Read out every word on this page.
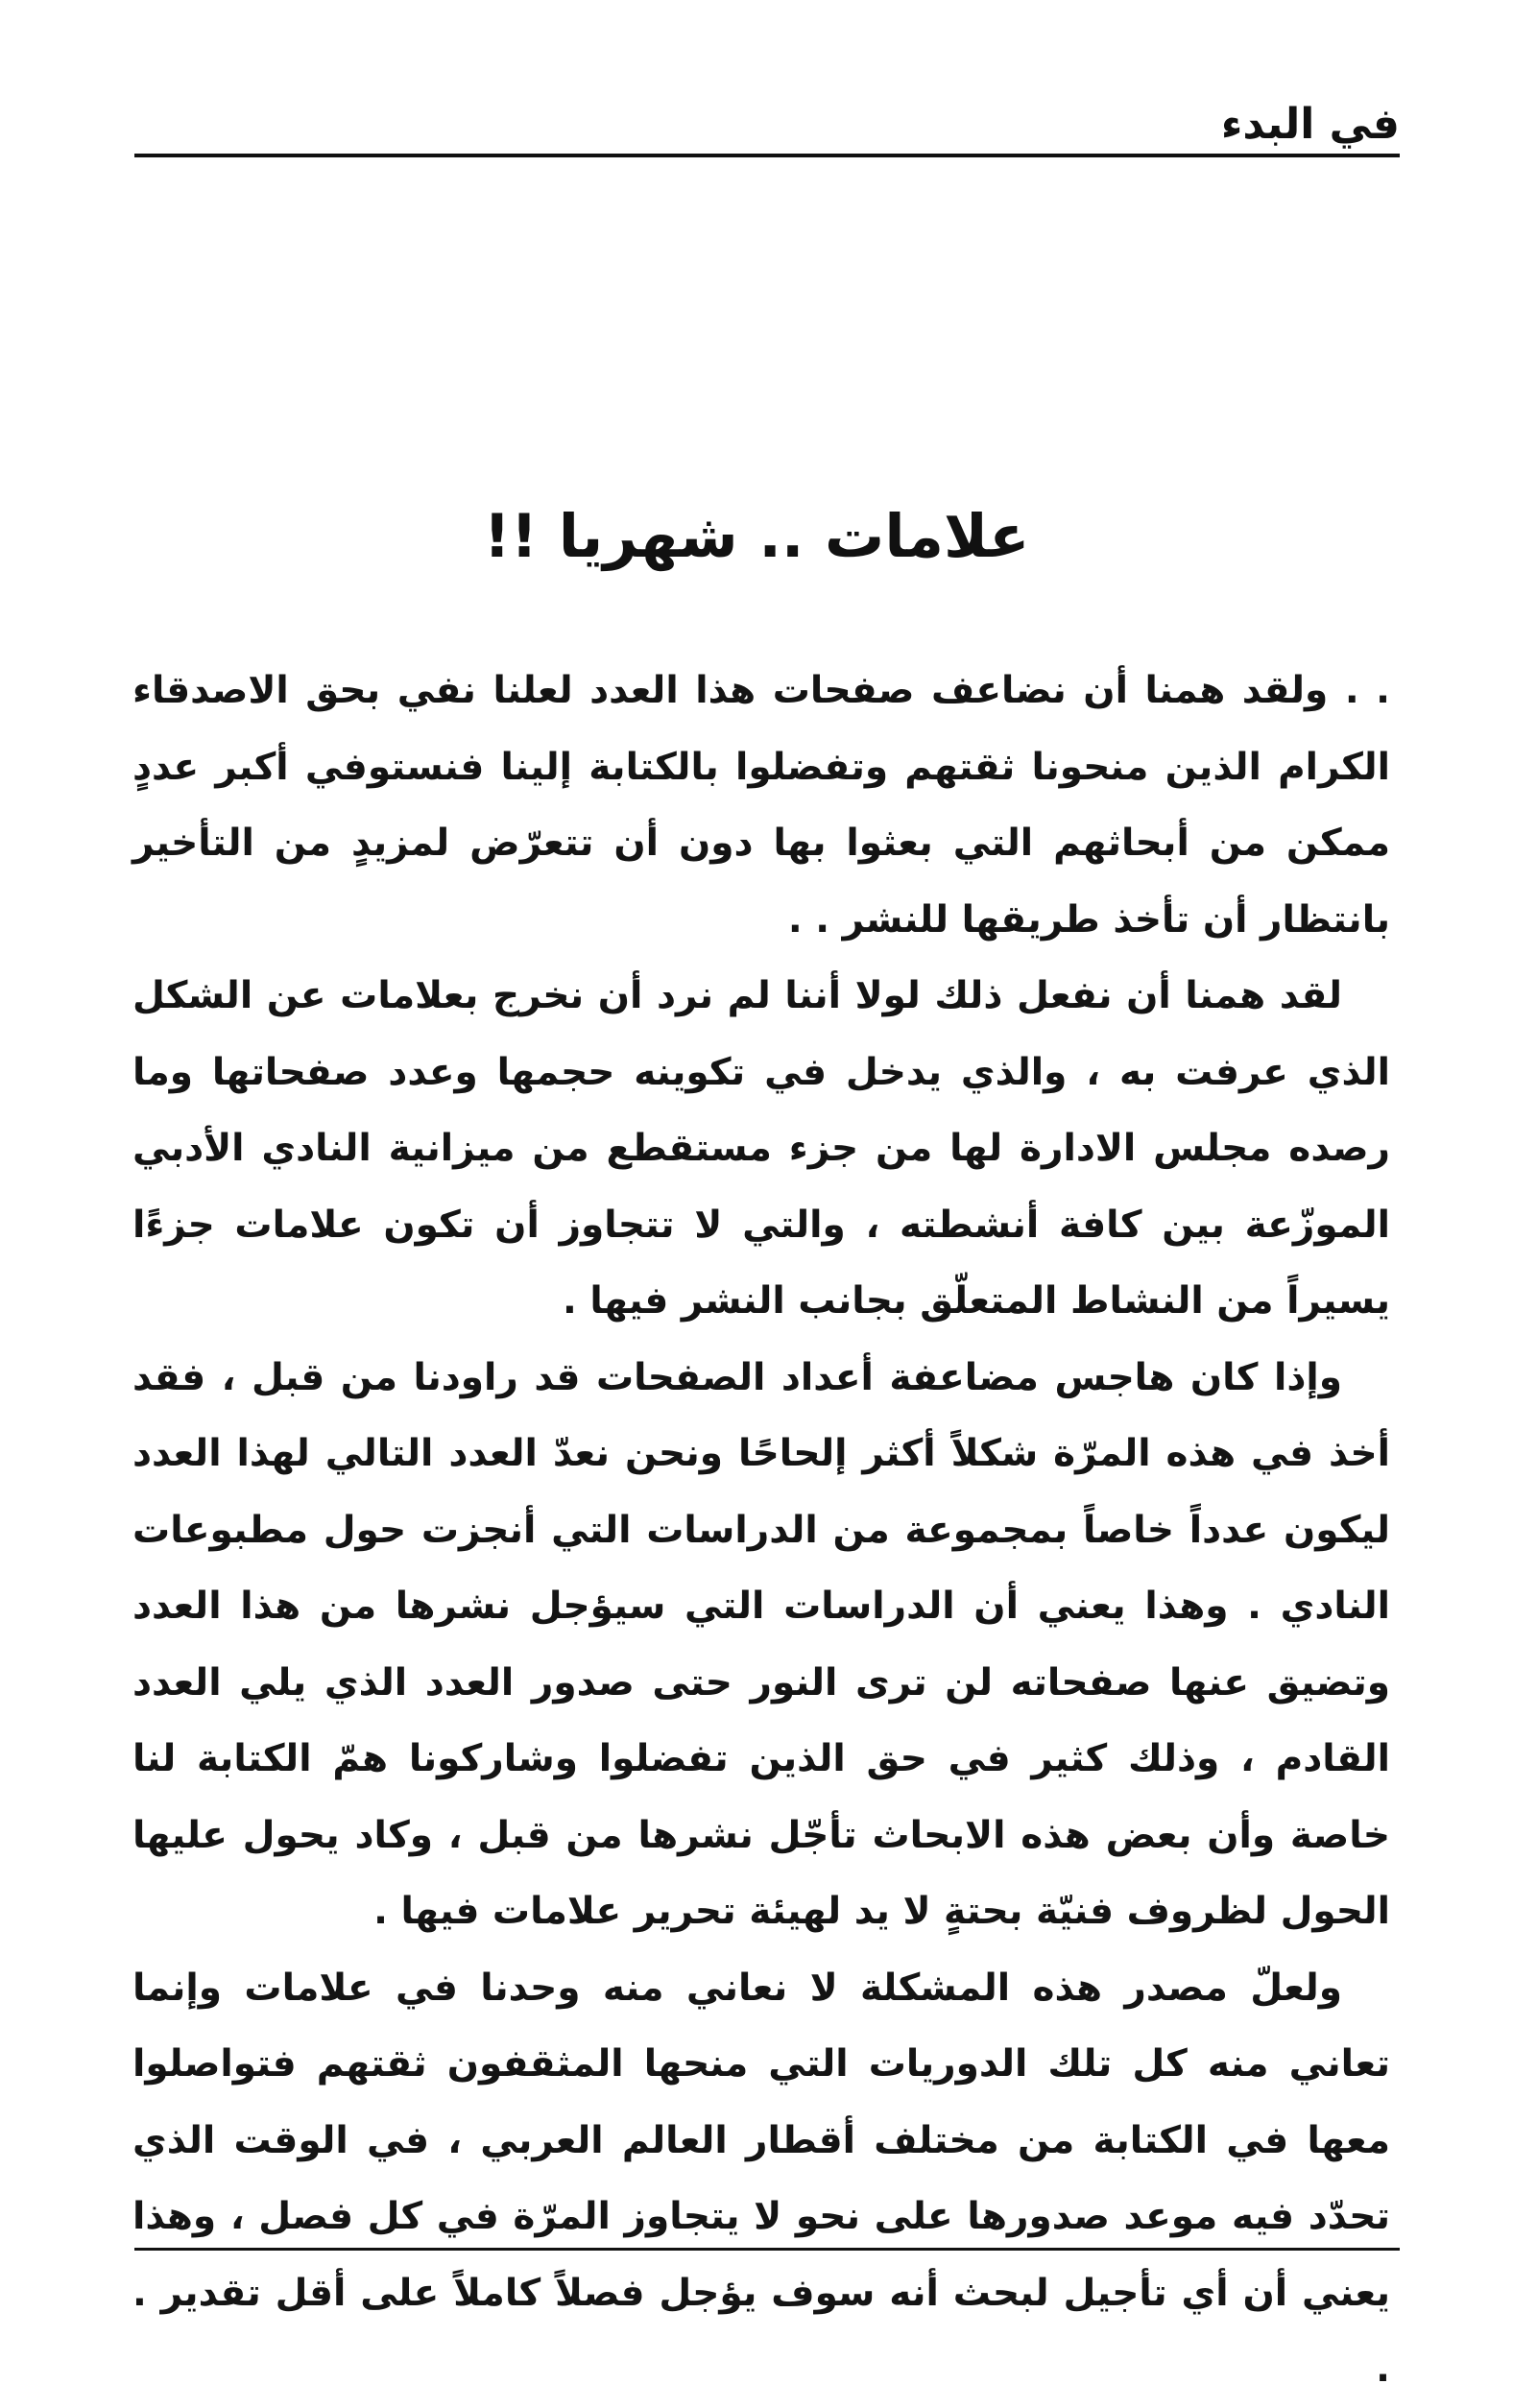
في البدء
علامات .. شهريا !!

. . ولقد همنا أن نضاعف صفحات هذا العدد لعلنا نفي بحق الاصدقاء الكرام الذين منحونا ثقتهم وتفضلوا بالكتابة إلينا فنستوفي أكبر عددٍ ممكن من أبحاثهم التي بعثوا بها دون أن تتعرّض لمزيدٍ من التأخير بانتظار أن تأخذ طريقها للنشر . .

لقد همنا أن نفعل ذلك لولا أننا لم نرد أن نخرج بعلامات عن الشكل الذي عرفت به ، والذي يدخل في تكوينه حجمها وعدد صفحاتها وما رصده مجلس الادارة لها من جزء مستقطع من ميزانية النادي الأدبي الموزّعة بين كافة أنشطته ، والتي لا تتجاوز أن تكون علامات جزءًا يسيراً من النشاط المتعلّق بجانب النشر فيها .

وإذا كان هاجس مضاعفة أعداد الصفحات قد راودنا من قبل ، فقد أخذ في هذه المرّة شكلاً أكثر إلحاحًا ونحن نعدّ العدد التالي لهذا العدد ليكون عدداً خاصاً بمجموعة من الدراسات التي أنجزت حول مطبوعات النادي . وهذا يعني أن الدراسات التي سيؤجل نشرها من هذا العدد وتضيق عنها صفحاته لن ترى النور حتى صدور العدد الذي يلي العدد القادم ، وذلك كثير في حق الذين تفضلوا وشاركونا همّ الكتابة لنا خاصة وأن بعض هذه الابحاث تأجّل نشرها من قبل ، وكاد يحول عليها الحول لظروف فنيّة بحتةٍ لا يد لهيئة تحرير علامات فيها .

ولعلّ مصدر هذه المشكلة لا نعاني منه وحدنا في علامات وإنما تعاني منه كل تلك الدوريات التي منحها المثقفون ثقتهم فتواصلوا معها في الكتابة من مختلف أقطار العالم العربي ، في الوقت الذي تحدّد فيه موعد صدورها على نحو لا يتجاوز المرّة في كل فصل ، وهذا يعني أن أي تأجيل لبحث أنه سوف يؤجل فصلاً كاملاً على أقل تقدير . .
